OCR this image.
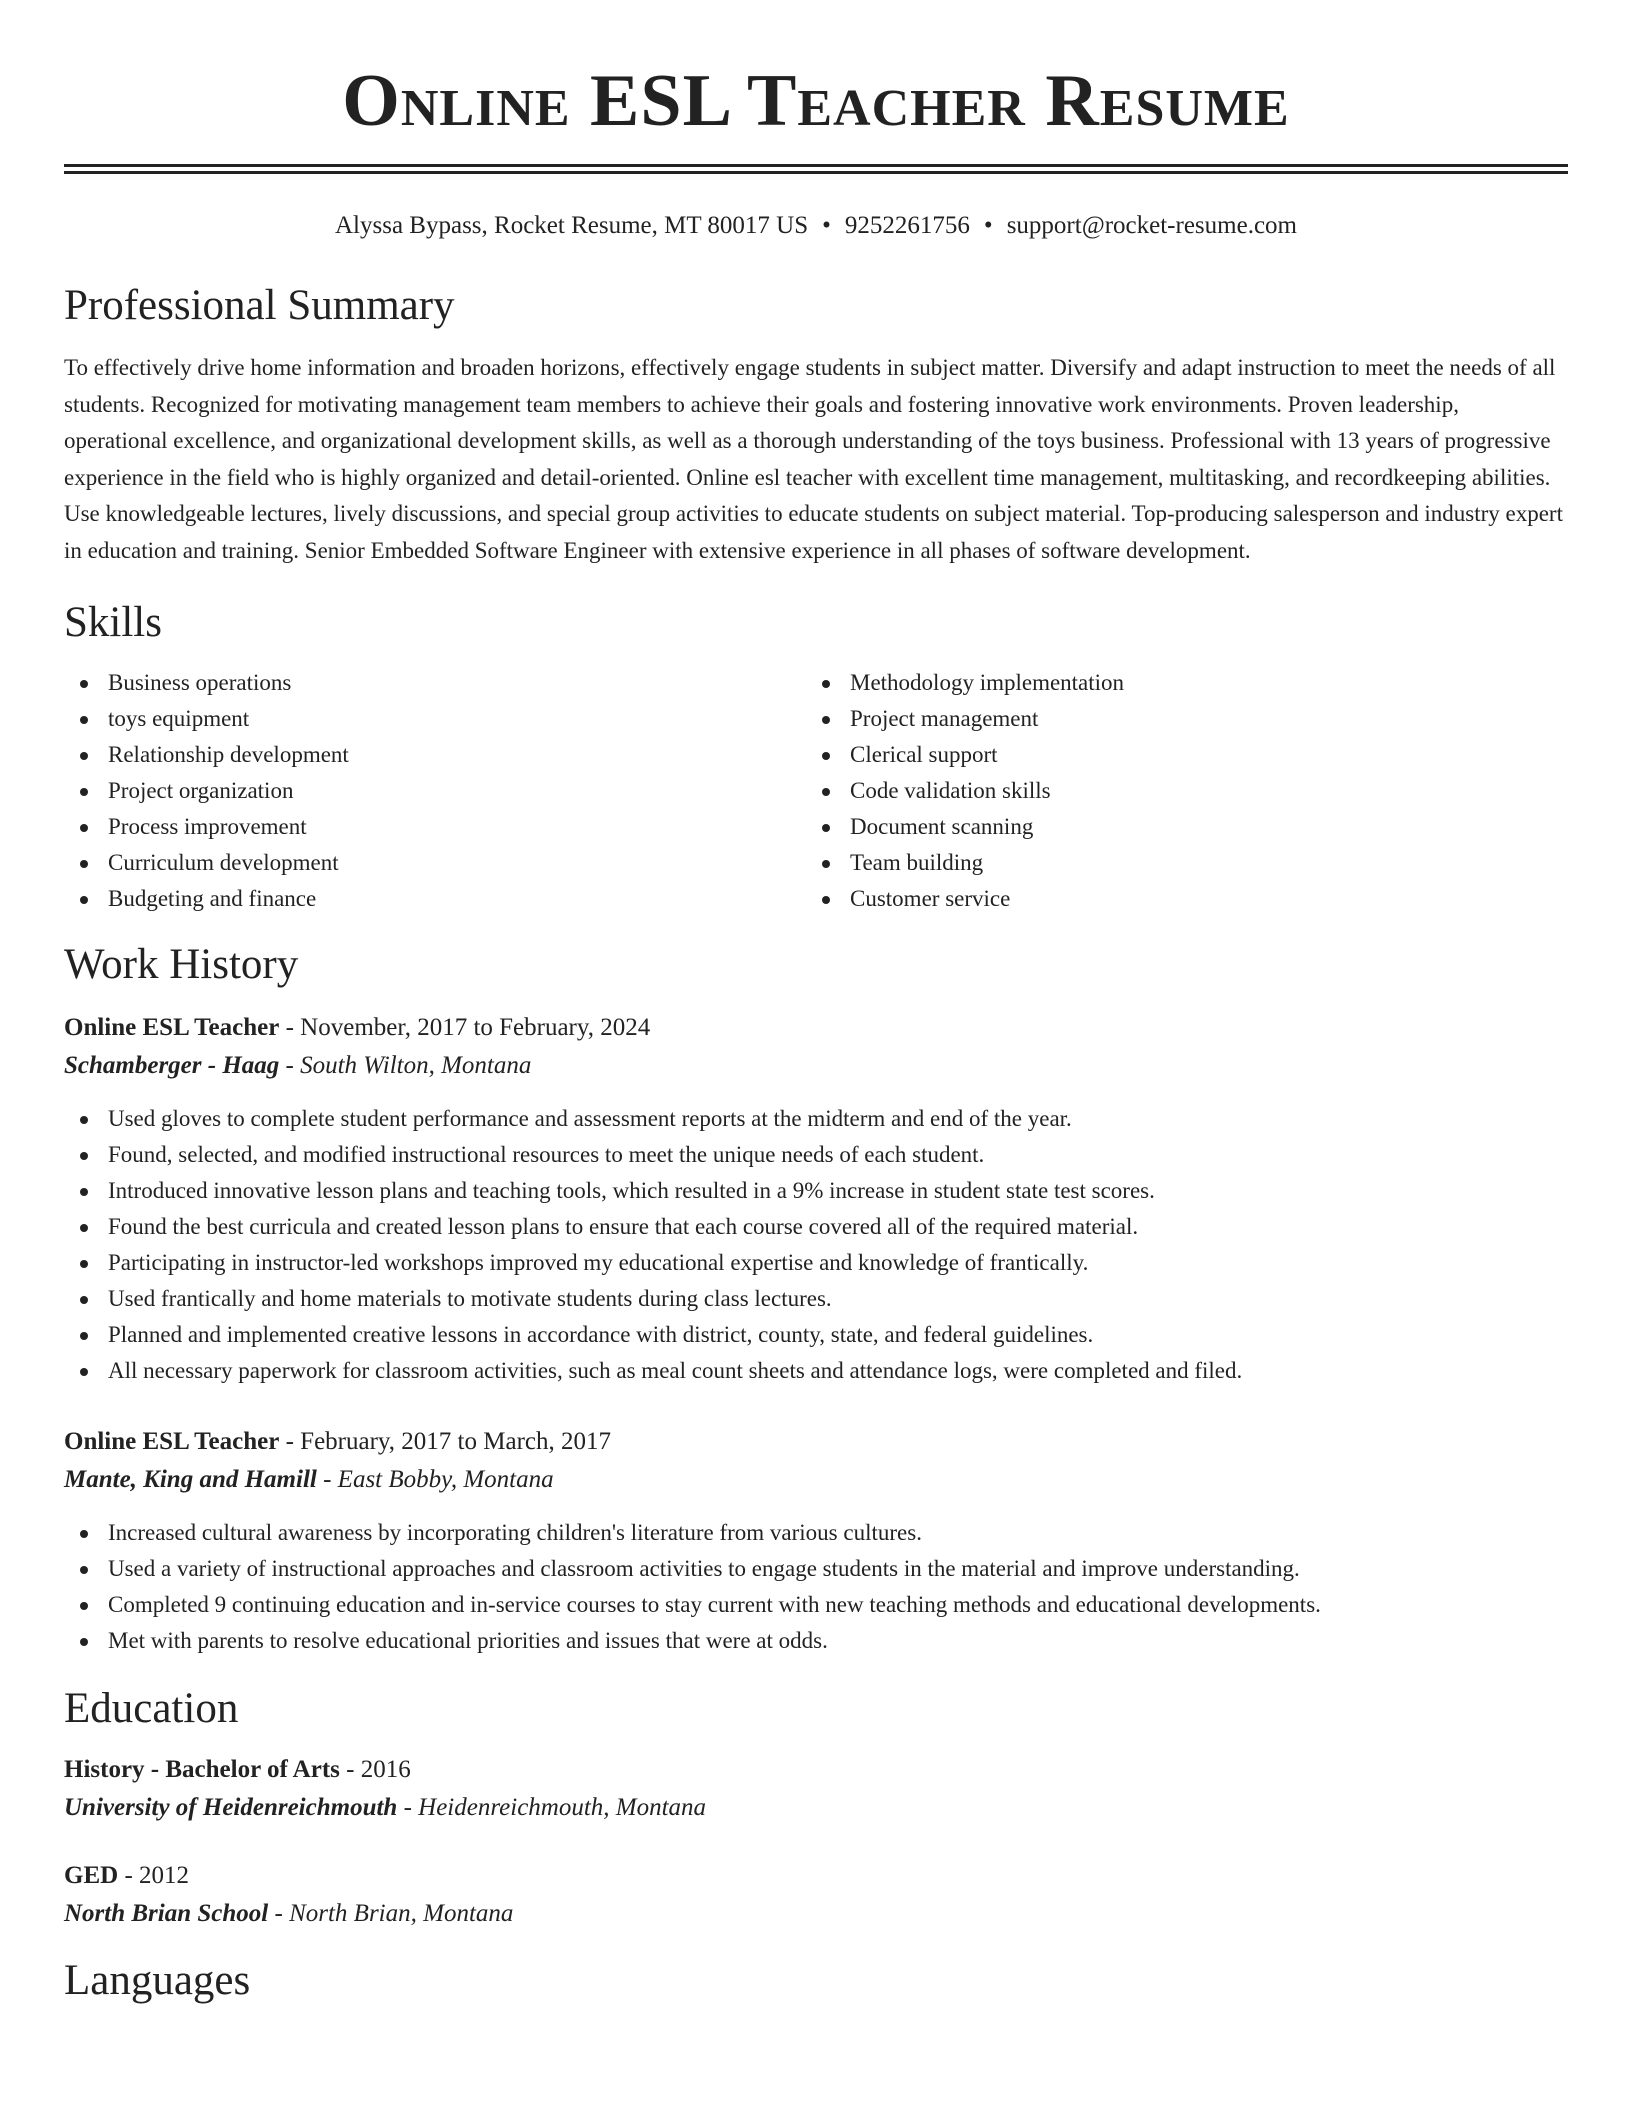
Online ESL Teacher Resume
Alyssa Bypass, Rocket Resume, MT 80017 US • 9252261756 • support@rocket-resume.com
Professional Summary

To effectively drive home information and broaden horizons, effectively engage students in subject matter. Diversify and adapt instruction to meet the needs of all students. Recognized for motivating management team members to achieve their goals and fostering innovative work environments. Proven leadership, operational excellence, and organizational development skills, as well as a thorough understanding of the toys business. Professional with 13 years of progressive experience in the field who is highly organized and detail-oriented. Online esl teacher with excellent time management, multitasking, and recordkeeping abilities. Use knowledgeable lectures, lively discussions, and special group activities to educate students on subject material. Top-producing salesperson and industry expert in education and training. Senior Embedded Software Engineer with extensive experience in all phases of software development.

Skills
Business operations
toys equipment
Relationship development
Project organization
Process improvement
Curriculum development
Budgeting and finance
Methodology implementation
Project management
Clerical support
Code validation skills
Document scanning
Team building
Customer service
Work History
Online ESL Teacher - November, 2017 to February, 2024
Schamberger - Haag - South Wilton, Montana
Used gloves to complete student performance and assessment reports at the midterm and end of the year.
Found, selected, and modified instructional resources to meet the unique needs of each student.
Introduced innovative lesson plans and teaching tools, which resulted in a 9% increase in student state test scores.
Found the best curricula and created lesson plans to ensure that each course covered all of the required material.
Participating in instructor-led workshops improved my educational expertise and knowledge of frantically.
Used frantically and home materials to motivate students during class lectures.
Planned and implemented creative lessons in accordance with district, county, state, and federal guidelines.
All necessary paperwork for classroom activities, such as meal count sheets and attendance logs, were completed and filed.
Online ESL Teacher - February, 2017 to March, 2017
Mante, King and Hamill - East Bobby, Montana
Increased cultural awareness by incorporating children's literature from various cultures.
Used a variety of instructional approaches and classroom activities to engage students in the material and improve understanding.
Completed 9 continuing education and in-service courses to stay current with new teaching methods and educational developments.
Met with parents to resolve educational priorities and issues that were at odds.
Education
History - Bachelor of Arts - 2016
University of Heidenreichmouth - Heidenreichmouth, Montana
GED - 2012
North Brian School - North Brian, Montana
Languages
